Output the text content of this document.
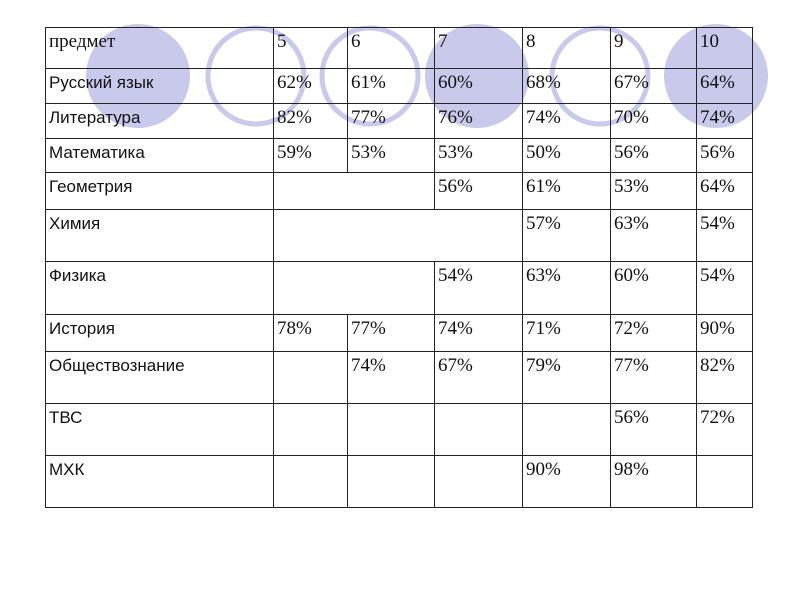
предмет	5	6	7	8	9	10
Русский язык	62%	61%	60%	68%	67%	64%
Литература	82%	77%	76%	74%	70%	74%
Математика	59%	53%	53%	50%	56%	56%
Геометрия			56%	61%	53%	64%
Химия				57%	63%	54%
Физика			54%	63%	60%	54%
История	78%	77%	74%	71%	72%	90%
Обществознание		74%	67%	79%	77%	82%
ТВС					56%	72%
МХК				90%	98%	
